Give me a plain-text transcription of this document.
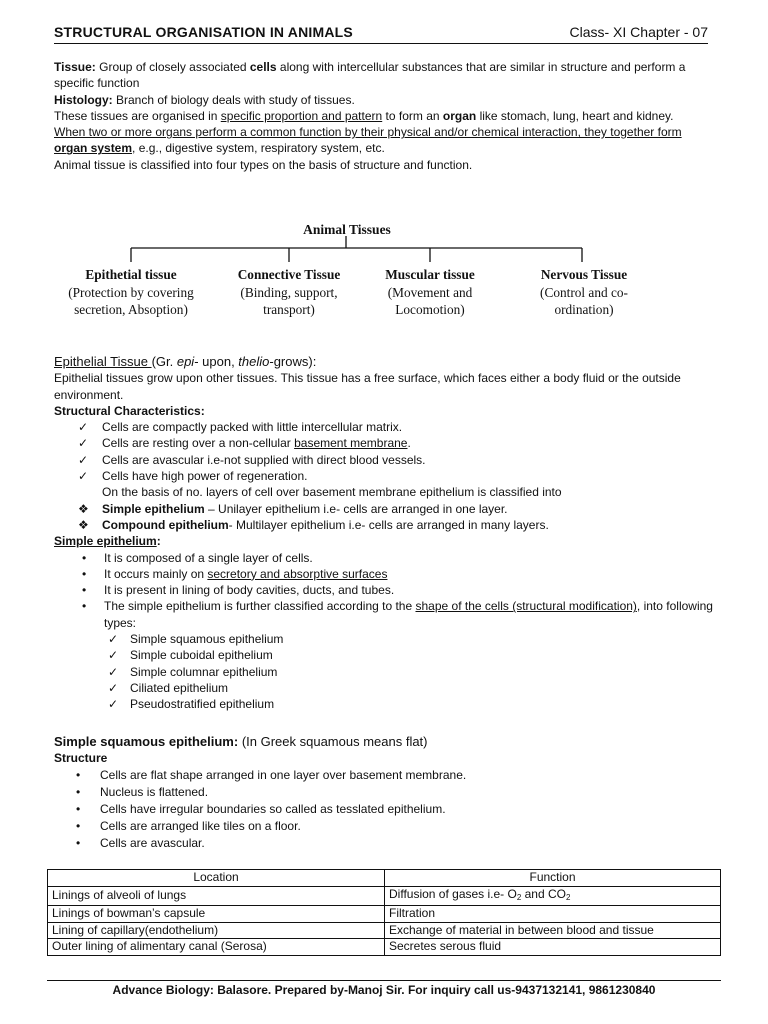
STRUCTURAL ORGANISATION IN ANIMALS	Class- XI Chapter - 07

Tissue: Group of closely associated cells along with intercellular substances that are similar in structure and perform a specific function

Histology: Branch of biology deals with study of tissues.

These tissues are organised in specific proportion and pattern to form an organ like stomach, lung, heart and kidney.

When two or more organs perform a common function by their physical and/or chemical interaction, they together form organ system, e.g., digestive system, respiratory system, etc.

Animal tissue is classified into four types on the basis of structure and function.

Animal Tissues
Epithetial tissue
(Protection by covering secretion, Absoption)
Connective Tissue
(Binding, support, transport)
Muscular tissue
(Movement and Locomotion)
Nervous Tissue
(Control and co-ordination)

Epithelial Tissue (Gr. epi- upon, thelio-grows):

Epithelial tissues grow upon other tissues. This tissue has a free surface, which faces either a body fluid or the outside environment.

Structural Characteristics:

✓ Cells are compactly packed with little intercellular matrix.
✓ Cells are resting over a non-cellular basement membrane.
✓ Cells are avascular i.e-not supplied with direct blood vessels.
✓ Cells have high power of regeneration.

On the basis of no. layers of cell over basement membrane epithelium is classified into

❖ Simple epithelium – Unilayer epithelium i.e- cells are arranged in one layer.
❖ Compound epithelium- Multilayer epithelium i.e- cells are arranged in many layers.

Simple epithelium:

• It is composed of a single layer of cells.
• It occurs mainly on secretory and absorptive surfaces
• It is present in lining of body cavities, ducts, and tubes.
• The simple epithelium is further classified according to the shape of the cells (structural modification), into following types:
✓ Simple squamous epithelium
✓ Simple cuboidal epithelium
✓ Simple columnar epithelium
✓ Ciliated epithelium
✓ Pseudostratified epithelium

Simple squamous epithelium: (In Greek squamous means flat)

Structure

• Cells are flat shape arranged in one layer over basement membrane.
• Nucleus is flattened.
• Cells have irregular boundaries so called as tesslated epithelium.
• Cells are arranged like tiles on a floor.
• Cells are avascular.
Location	Function
Linings of alveoli of lungs	Diffusion of gases i.e- $O_2$ and $CO_2$
Linings of bowman’s capsule	Filtration
Lining of capillary(endothelium)	Exchange of material in between blood and tissue
Outer lining of alimentary canal (Serosa)	Secretes serous fluid
Advance Biology: Balasore. Prepared by-Manoj Sir. For inquiry call us-9437132141, 9861230840
